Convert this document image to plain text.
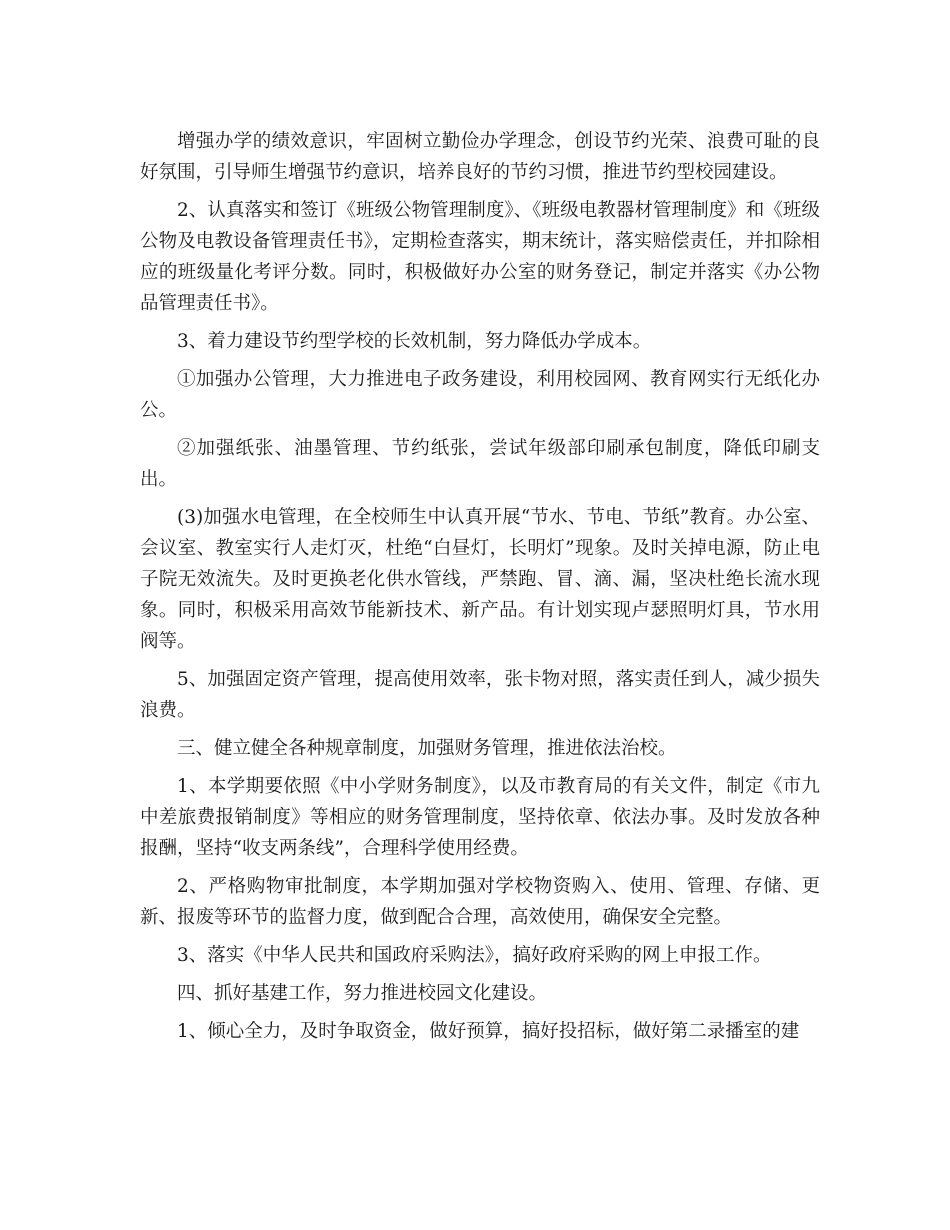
增强办学的绩效意识，牢固树立勤俭办学理念，创设节约光荣、浪费可耻的良好氛围，引导师生增强节约意识，培养良好的节约习惯，推进节约型校园建设。

2、认真落实和签订《班级公物管理制度》、《班级电教器材管理制度》和《班级公物及电教设备管理责任书》，定期检查落实，期末统计，落实赔偿责任，并扣除相应的班级量化考评分数。同时，积极做好办公室的财务登记，制定并落实《办公物品管理责任书》。

3、着力建设节约型学校的长效机制，努力降低办学成本。

①加强办公管理，大力推进电子政务建设，利用校园网、教育网实行无纸化办公。

②加强纸张、油墨管理、节约纸张，尝试年级部印刷承包制度，降低印刷支出。

(3)加强水电管理，在全校师生中认真开展“节水、节电、节纸”教育。办公室、会议室、教室实行人走灯灭，杜绝“白昼灯，长明灯”现象。及时关掉电源，防止电子院无效流失。及时更换老化供水管线，严禁跑、冒、滴、漏，坚决杜绝长流水现象。同时，积极采用高效节能新技术、新产品。有计划实现卢瑟照明灯具，节水用阀等。

5、加强固定资产管理，提高使用效率，张卡物对照，落实责任到人，减少损失浪费。

三、健立健全各种规章制度，加强财务管理，推进依法治校。

1、本学期要依照《中小学财务制度》，以及市教育局的有关文件，制定《市九中差旅费报销制度》等相应的财务管理制度，坚持依章、依法办事。及时发放各种报酬，坚持“收支两条线”，合理科学使用经费。

2、严格购物审批制度，本学期加强对学校物资购入、使用、管理、存储、更新、报废等环节的监督力度，做到配合合理，高效使用，确保安全完整。

3、落实《中华人民共和国政府采购法》，搞好政府采购的网上申报工作。

四、抓好基建工作，努力推进校园文化建设。

1、倾心全力，及时争取资金，做好预算，搞好投招标，做好第二录播室的建
